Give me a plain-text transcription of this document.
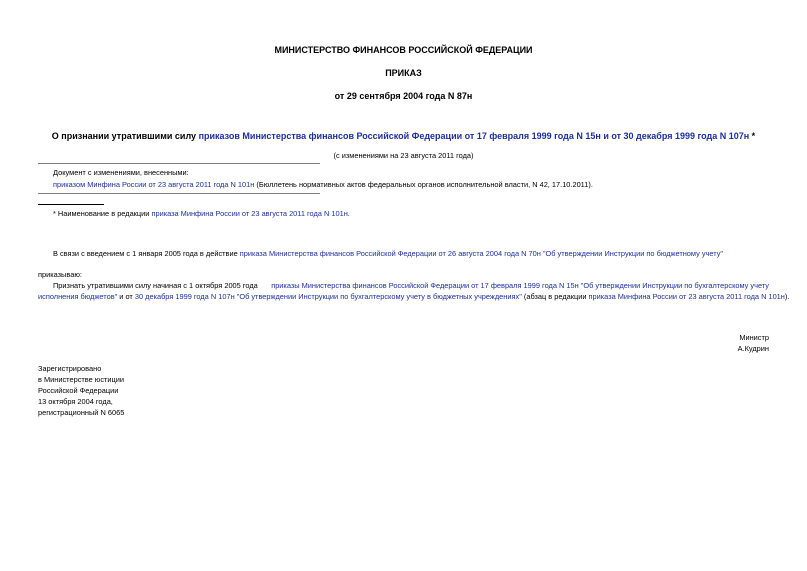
МИНИСТЕРСТВО ФИНАНСОВ РОССИЙСКОЙ ФЕДЕРАЦИИ
ПРИКАЗ
от 29 сентября 2004 года N 87н
О признании утратившими силу приказов Министерства финансов Российской Федерации от 17 февраля 1999 года N 15н и от 30 декабря 1999 года N 107н *
(с изменениями на 23 августа 2011 года)
Документ с изменениями, внесенными:
приказом Минфина России от 23 августа 2011 года N 101н (Бюллетень нормативных актов федеральных органов исполнительной власти, N 42, 17.10.2011).
* Наименование в редакции приказа Минфина России от 23 августа 2011 года N 101н.
В связи с введением с 1 января 2005 года в действие приказа Министерства финансов Российской Федерации от 26 августа 2004 года N 70н "Об утверждении Инструкции по бюджетному учету"
приказываю:
Признать утратившими силу начиная с 1 октября 2005 года приказы Министерства финансов Российской Федерации от 17 февраля 1999 года N 15н "Об утверждении Инструкции по бухгалтерскому учету
исполнения бюджетов" и от 30 декабря 1999 года N 107н "Об утверждении Инструкции по бухгалтерскому учету в бюджетных учреждениях" (абзац в редакции приказа Минфина России от 23 августа 2011 года N 101н).
Министр
А.Кудрин
Зарегистрировано
в Министерстве юстиции
Российской Федерации
13 октября 2004 года,
регистрационный N 6065
